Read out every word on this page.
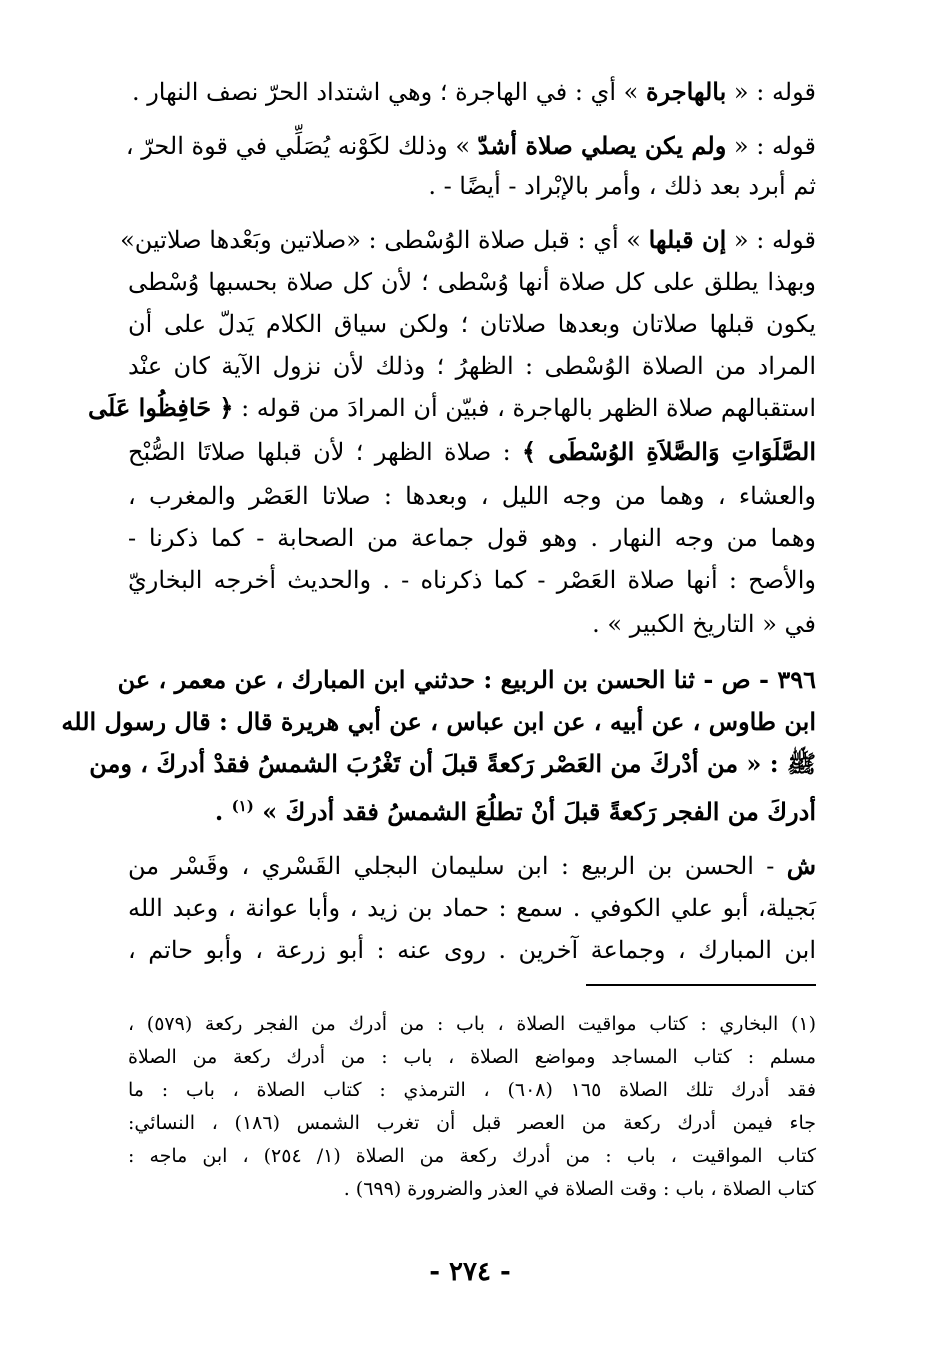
قوله : « بالهاجرة » أي : في الهاجرة ؛ وهي اشتداد الحرّ نصف النهار .
قوله : « ولم يكن يصلي صلاة أشدّ » وذلك لكَوْنه يُصَلِّي في قوة الحرّ ،
ثم أبرد بعد ذلك ، وأمر بالإبْراد - أيضًا - .
قوله : « إن قبلها » أي : قبل صلاة الوُسْطى : «صلاتين وبَعْدها صلاتين»
وبهذا يطلق على كل صلاة أنها وُسْطى ؛ لأن كل صلاة بحسبها وُسْطى
يكون قبلها صلاتان وبعدها صلاتان ؛ ولكن سياق الكلام يَدلّ على أن
المراد من الصلاة الوُسْطى : الظهرُ ؛ وذلك لأن نزول الآية كان عنْد
استقبالهم صلاة الظهر بالهاجرة ، فبيّن أن المرادَ من قوله : ﴿ حَافِظُوا عَلَى
الصَّلَوَاتِ وَالصَّلاَةِ الوُسْطَى ﴾ : صلاة الظهر ؛ لأن قبلها صلاتَا الصُّبْح
والعشاء ، وهما من وجه الليل ، وبعدها : صلاتا العَصْر والمغرب ،
وهما من وجه النهار . وهو قول جماعة من الصحابة - كما ذكرنا -
والأصح : أنها صلاة العَصْر - كما ذكرناه - . والحديث أخرجه البخاريّ
في « التاريخ الكبير » .
٣٩٦ - ص - ثنا الحسن بن الربيع : حدثني ابن المبارك ، عن معمر ، عن
ابن طاوس ، عن أبيه ، عن ابن عباس ، عن أبي هريرة قال : قال رسول الله
ﷺ : « من أدْركَ من العَصْر رَكعةً قبلَ أن تَغْرُبَ الشمسُ فقدْ أدركَ ، ومن
أدركَ من الفجر رَكعةً قبلَ أنْ تطلُعَ الشمسُ فقد أدركَ » $^{(١)}$ .
ش - الحسن بن الربيع : ابن سليمان البجلي القَسْري ، وقَسْر من
بَجيلة، أبو علي الكوفي . سمع : حماد بن زيد ، وأبا عوانة ، وعبد الله
ابن المبارك ، وجماعة آخرين . روى عنه : أبو زرعة ، وأبو حاتم ،
(١) البخاري : كتاب مواقيت الصلاة ، باب : من أدرك من الفجر ركعة (٥٧٩) ،
مسلم : كتاب المساجد ومواضع الصلاة ، باب : من أدرك ركعة من الصلاة
فقد أدرك تلك الصلاة ١٦٥ (٦٠٨) ، الترمذي : كتاب الصلاة ، باب : ما
جاء فيمن أدرك ركعة من العصر قبل أن تغرب الشمس (١٨٦) ، النسائي:
كتاب المواقيت ، باب : من أدرك ركعة من الصلاة (١/ ٢٥٤) ، ابن ماجه :
كتاب الصلاة ، باب : وقت الصلاة في العذر والضرورة (٦٩٩) .
- ٢٧٤ -
